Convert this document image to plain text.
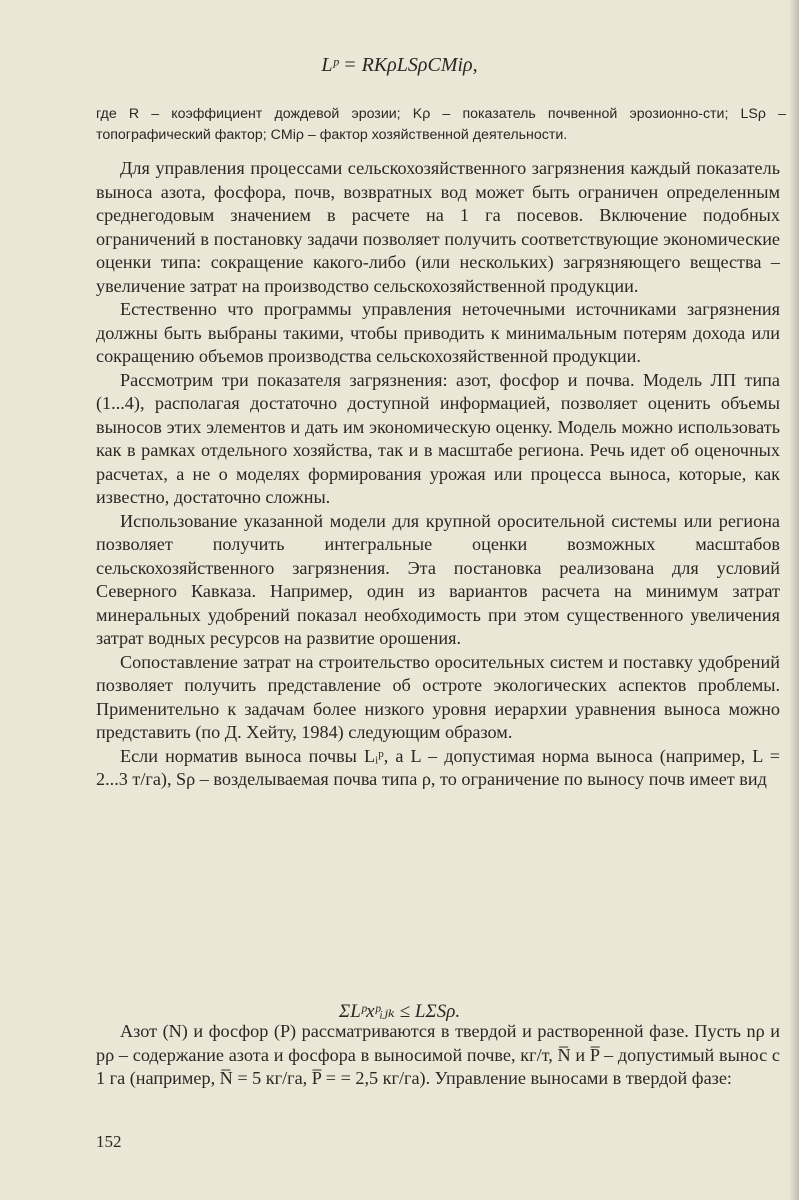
Lᵖ = RKρLSρCMiρ,
где R – коэффициент дождевой эрозии; Kρ – показатель почвенной эрозионно-сти; LSρ – топографический фактор; CMiρ – фактор хозяйственной деятельности.

Для управления процессами сельскохозяйственного загрязнения каждый показатель выноса азота, фосфора, почв, возвратных вод может быть ограничен определенным среднегодовым значением в расчете на 1 га посевов. Включение подобных ограничений в постановку задачи позволяет получить соответствующие экономические оценки типа: сокращение какого-либо (или нескольких) загрязняющего вещества – увеличение затрат на производство сельскохозяйственной продукции.

Естественно что программы управления неточечными источниками загрязнения должны быть выбраны такими, чтобы приводить к минимальным потерям дохода или сокращению объемов производства сельскохозяйственной продукции.

Рассмотрим три показателя загрязнения: азот, фосфор и почва. Модель ЛП типа (1...4), располагая достаточно доступной информацией, позволяет оценить объемы выносов этих элементов и дать им экономическую оценку. Модель можно использовать как в рамках отдельного хозяйства, так и в масштабе региона. Речь идет об оценочных расчетах, а не о моделях формирования урожая или процесса выноса, которые, как известно, достаточно сложны.

Использование указанной модели для крупной оросительной системы или региона позволяет получить интегральные оценки возможных масштабов сельскохозяйственного загрязнения. Эта постановка реализована для условий Северного Кавказа. Например, один из вариантов расчета на минимум затрат минеральных удобрений показал необходимость при этом существенного увеличения затрат водных ресурсов на развитие орошения.

Сопоставление затрат на строительство оросительных систем и поставку удобрений позволяет получить представление об остроте экологических аспектов проблемы. Применительно к задачам более низкого уровня иерархии уравнения выноса можно представить (по Д. Хейту, 1984) следующим образом.

Если норматив выноса почвы Lᵢᵖ, а L – допустимая норма выноса (например, L = 2...3 т/га), Sρ – возделываемая почва типа ρ, то ограничение по выносу почв имеет вид

ΣLᵖxᵖᵢⱼₖ ≤ LΣSρ.

Азот (N) и фосфор (P) рассматриваются в твердой и растворенной фазе. Пусть nρ и pρ – содержание азота и фосфора в выносимой почве, кг/т, N̅ и P̅ – допустимый вынос с 1 га (например, N̅ = 5 кг/га, P̅ = = 2,5 кг/га). Управление выносами в твердой фазе:

152
